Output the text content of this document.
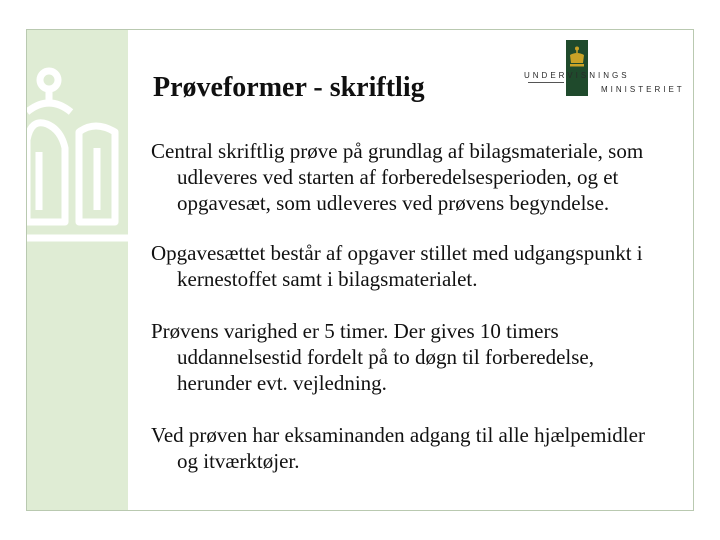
Prøveformer - skriftlig	UNDERVISNINGS
MINISTERIET

Central skriftlig prøve på grundlag af bilagsmateriale, som udleveres ved starten af forberedelsesperioden, og et opgavesæt, som udleveres ved prøvens begyndelse.

Opgavesættet består af opgaver stillet med udgangspunkt i kernestoffet samt i bilagsmaterialet.

Prøvens varighed er 5 timer. Der gives 10 timers uddannelsestid fordelt på to døgn til forberedelse, herunder evt. vejledning.

Ved prøven har eksaminanden adgang til alle hjælpemidler og itværktøjer.
